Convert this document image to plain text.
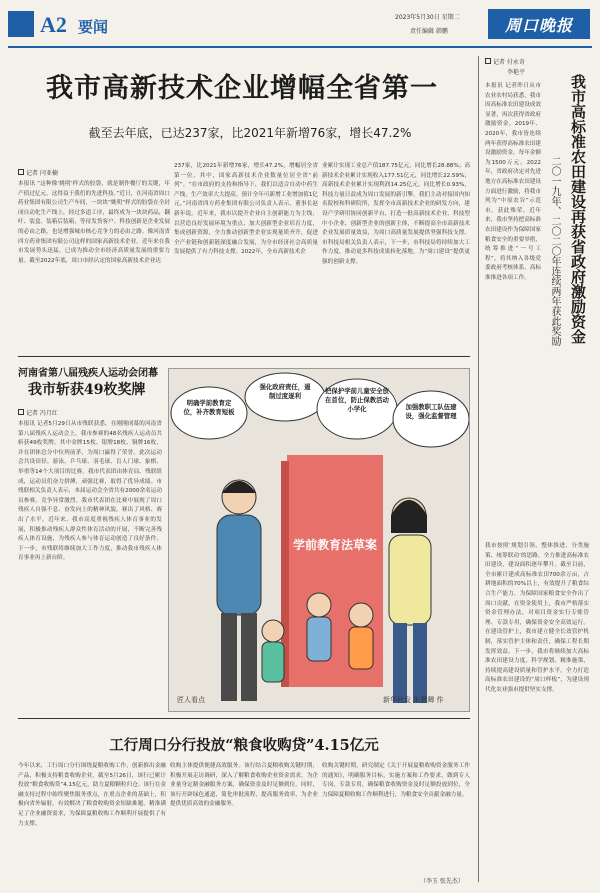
A2 要闻
2023年5月30日 星期二
责任编辑 韩鹏	周口晚报
我市高新技术企业增幅全省第一
截至去年底，已达237家，比2021年新增76家，增长47.2%
记者 闫亚楠
本报讯 “这种像‘姚明’样式的胶袋，就是制作餐厅的关键，年产值过亿元，这得益于我们的先进科技。”近日，在河南省周口药业集团有限公司生产车间，一块块“姚明”样式的胶袋在全封闭自动化生产线上，经过多道工序，最终成为一块块药品，翻叶、装盒、装箱后装箱，等待发货客户。科技创新是企业发展的必由之路，也是增强城市核心竞争力的必由之路。像河南省四方药业集团有限公司这样的国家高新技术企业，近年来在我市发展势头迅猛，已成为推动全市经济高质量发展的重要力量。截至2022年底，周口市经认定的国家高新技术企业达
237家，比2021年新增76家，增长47.2%，增幅居全省第一位，其中，国家高新技术企业数量位居全省“前列”。“在市政府的支持和指导下，我们以适合自动中药生产线，生产效率大大提高。预计全年可新增工业增加值1亿元。”河南省四方药业集团有限公司负责人表示，董事长赵新年说。近年来，我市以提升企业自主创新能力为主线，以营造良好发展环境为重点，加大创新型企业培育力度，集成创新资源，全力推动创新型企业实现量质齐升，促进全产业链和创新链深度融合发展，为全市经济社会高质量发展提供了有力科技支撑。2022年，全市高新技术企
业累计实现工业总产值187.75亿元，同比增长28.88%；高新技术企业累计实现收入177.51亿元，同比增长22.59%；高新技术企业累计实现利润14.25亿元，同比增长0.93%，科技力量日益成为周口发展的新引擎。我们主动对接国内知名院校和科研院所，发挥全市高新技术企业的研发方向，建设产学研用协同创新平台，打造一批高新技术企业、科技型中小企业、创新型企业的创新主体，不断提高全市高新技术企业发展质量效益，为周口高质量发展提供坚强科技支撑。市科技局相关负责人表示，下一步，市科技局将持续加大工作力度，推动更多科技成果转化落地，为“周口建设”提供更强的创新支撑。
河南省第八届残疾人运动会闭幕
我市斩获49枚奖牌
记者 冯月红
本报讯 记者5月29日从市残联获悉，在刚刚闭幕的河南省第八届残疾人运动会上，我市参赛的48名残疾人运动员共斩获49枚奖牌，其中金牌15枚、银牌18枚、铜牌16枚，并在团体总分中位列前茅，为周口赢得了荣誉。此次运动会共设田径、游泳、乒乓球、羽毛球、盲人门球、象棋、举重等14个大项目的比赛。我市代表团由体育局、残联组成，运动员们奋力拼搏，顽强比赛，取得了优异成绩。市残联相关负责人表示，本届运动会全省共有2000余名运动员参赛，竞争异常激烈。我市代表团在比赛中展现了周口残疾人自强不息、奋发向上的精神风貌，赛出了风格、赛出了水平。近年来，我市高度重视残疾人体育事业的发展，积极推动残疾人群众性体育活动的开展，不断完善残疾人体育设施，为残疾人参与体育运动创造了良好条件。下一步，市残联将继续加大工作力度，推动我市残疾人体育事业再上新台阶。
明确学前教育定位，补齐教育短板
强化政府责任，遏制过度逐利
把保护学前儿童安全放在首位，防止保教活动小学化	加强教职工队伍建设，强化监督管理
学前教育法草案
匠人看点	新华社发 朱慧卿 作
记者 付永奇
李艳平
本报讯 记者昨日从市农业农村局获悉，我市因高标准农田建设成效显著，再次获得省政府激励资金。2019年、2020年，我市皆连续两年获得高标准农田建设激励资金，每年金额为1500万元。2022年，省政府决定对先进地方在高标准农田建设方面进行激励，将我市列为“中原农谷”示范市，获此殊荣。近年来，我市坚持把高标准农田建设作为保障国家粮食安全的重要举措，统筹推进“一号工程”，将其纳入各级党委政府考核体系，高标准推进各项工作。	我市高标准农田建设再获省政府激励资金
二〇一九年、二〇二〇年连续两年获此奖励
我市按照‘规划引领、整体推进、分类施策、统筹联动’的思路，全力推进高标准农田建设，建设面积逐年攀升。截至目前，全市累计建成高标准农田700余万亩，占耕地面积的70%以上，有效提升了粮食综合生产能力，为保障国家粮食安全作出了周口贡献。在资金使用上，我市严格落实资金管理办法，对项目资金实行专账管理、专款专用，确保资金安全高效运行。在建设管护上，我市建立健全长效管护机制，落实管护主体和责任，确保工程长期发挥效益。下一步，我市将继续加大高标准农田建设力度，科学规划、精准施策，持续提高建设质量和管护水平，全力打造高标准农田建设的“周口样板”，为建设现代化农业强市提供坚实支撑。
工行周口分行投放“粮食收购贷”4.15亿元
今年以来，工行周口分行围绕夏粮收购工作，创新推出金融产品，积极支持粮食收购企业，截至5月26日，该行已累计投放“粮食收购贷”4.15亿元，助力夏粮颗粒归仓。该行在金融支持过程中始终聚焦服务重点，在重点企业的基础上，积极向省外辐射，有效解决了粮食收购资金短缺难题，精准满足了企业融资需求，为保障夏粮收购工作顺利开展提供了有力支撑。
收购主体提供便捷高效服务。该行结合夏粮收购关键时期，积极开展走访调研，深入了解粮食收购企业资金需求，为企业量身定制金融服务方案，确保资金及时足额到位。同时，该行开辟绿色通道，简化审批流程，提高服务效率，为企业提供优质高效的金融服务。
收购关键时期，研究制定《关于开展夏粮收购资金服务工作的通知》，明确服务目标，实施方案和工作要求，做到专人专岗、专款专用，确保粮食收购资金及时足额投放到位，全力保障夏粮收购工作顺利进行，为粮食安全贡献金融力量。
（李玉 张先杰）
